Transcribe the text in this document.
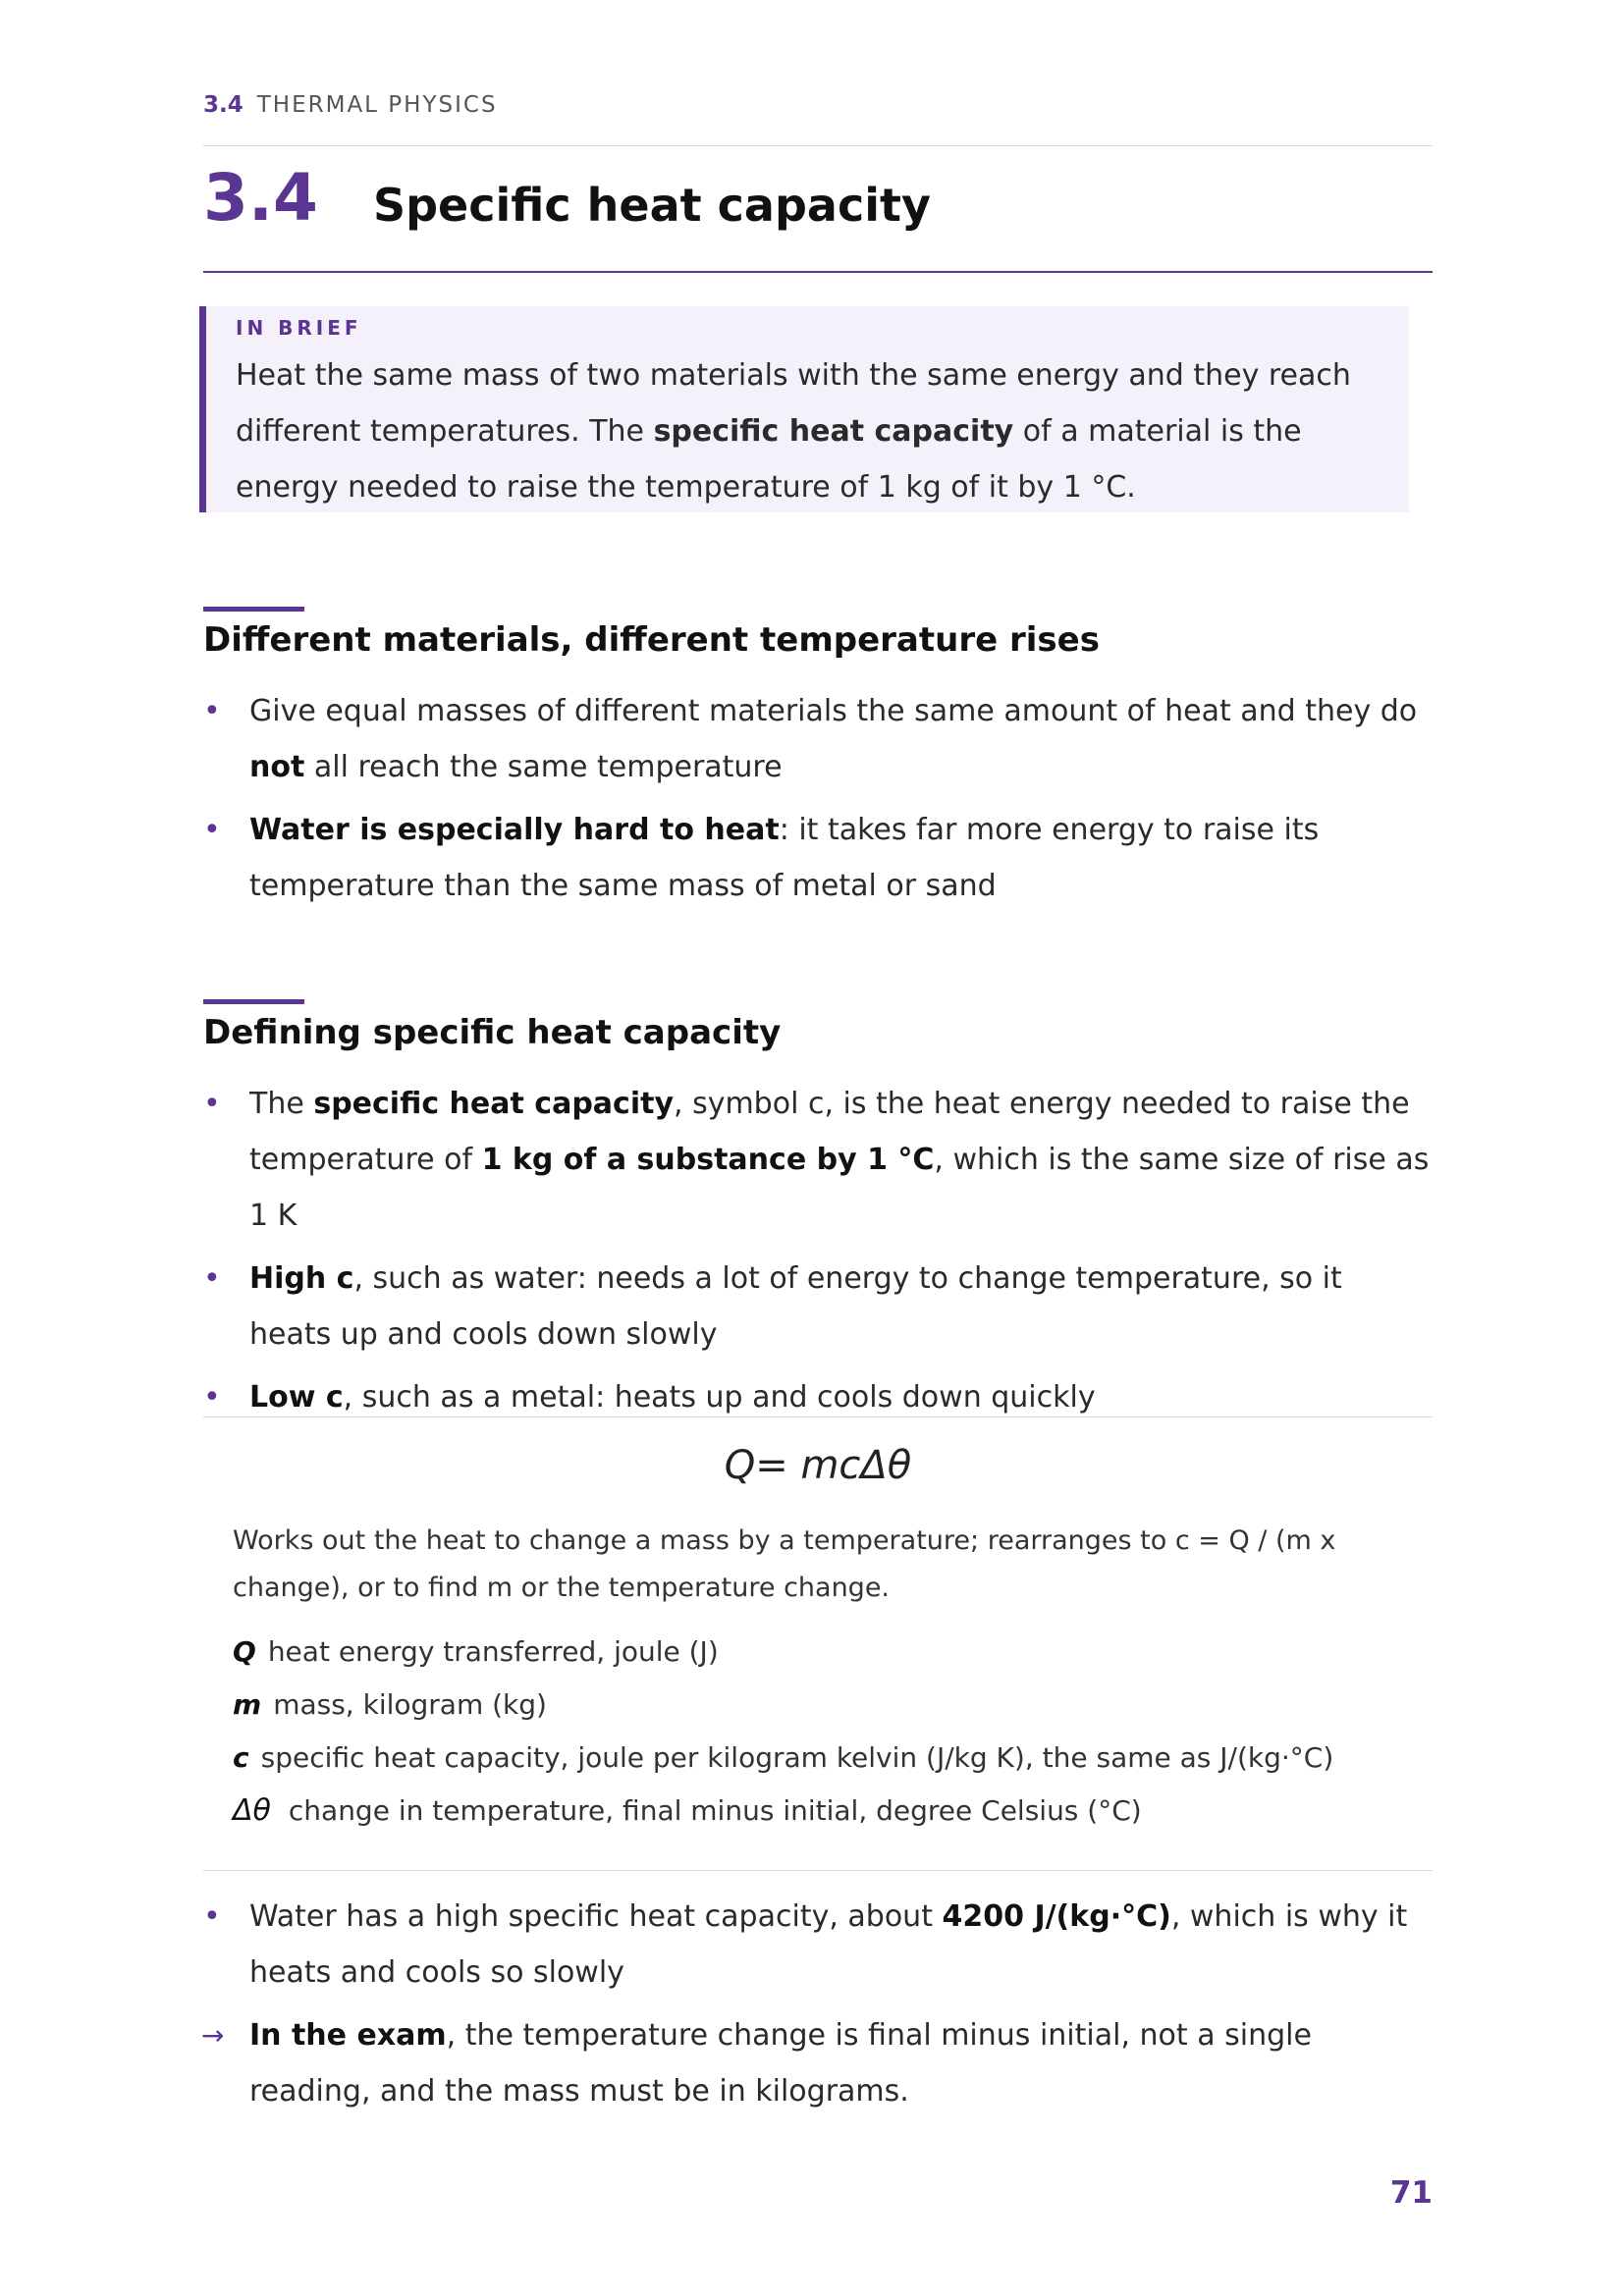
3.4 THERMAL PHYSICS
3.4 Specific heat capacity
IN BRIEF
Heat the same mass of two materials with the same energy and they reach different temperatures. The specific heat capacity of a material is the energy needed to raise the temperature of 1 kg of it by 1 °C.
Different materials, different temperature rises
• Give equal masses of different materials the same amount of heat and they do not all reach the same temperature
• Water is especially hard to heat: it takes far more energy to raise its temperature than the same mass of metal or sand
Defining specific heat capacity
• The specific heat capacity, symbol c, is the heat energy needed to raise the temperature of 1 kg of a substance by 1 °C, which is the same size of rise as 1 K
• High c, such as water: needs a lot of energy to change temperature, so it heats up and cools down slowly
• Low c, such as a metal: heats up and cools down quickly
Q= mcΔθ
Works out the heat to change a mass by a temperature; rearranges to c = Q / (m x change), or to find m or the temperature change.
Q heat energy transferred, joule (J)
m mass, kilogram (kg)
c specific heat capacity, joule per kilogram kelvin (J/kg K), the same as J/(kg·°C)
Δθ change in temperature, final minus initial, degree Celsius (°C)
• Water has a high specific heat capacity, about 4200 J/(kg·°C), which is why it heats and cools so slowly
→ In the exam, the temperature change is final minus initial, not a single reading, and the mass must be in kilograms.
71
